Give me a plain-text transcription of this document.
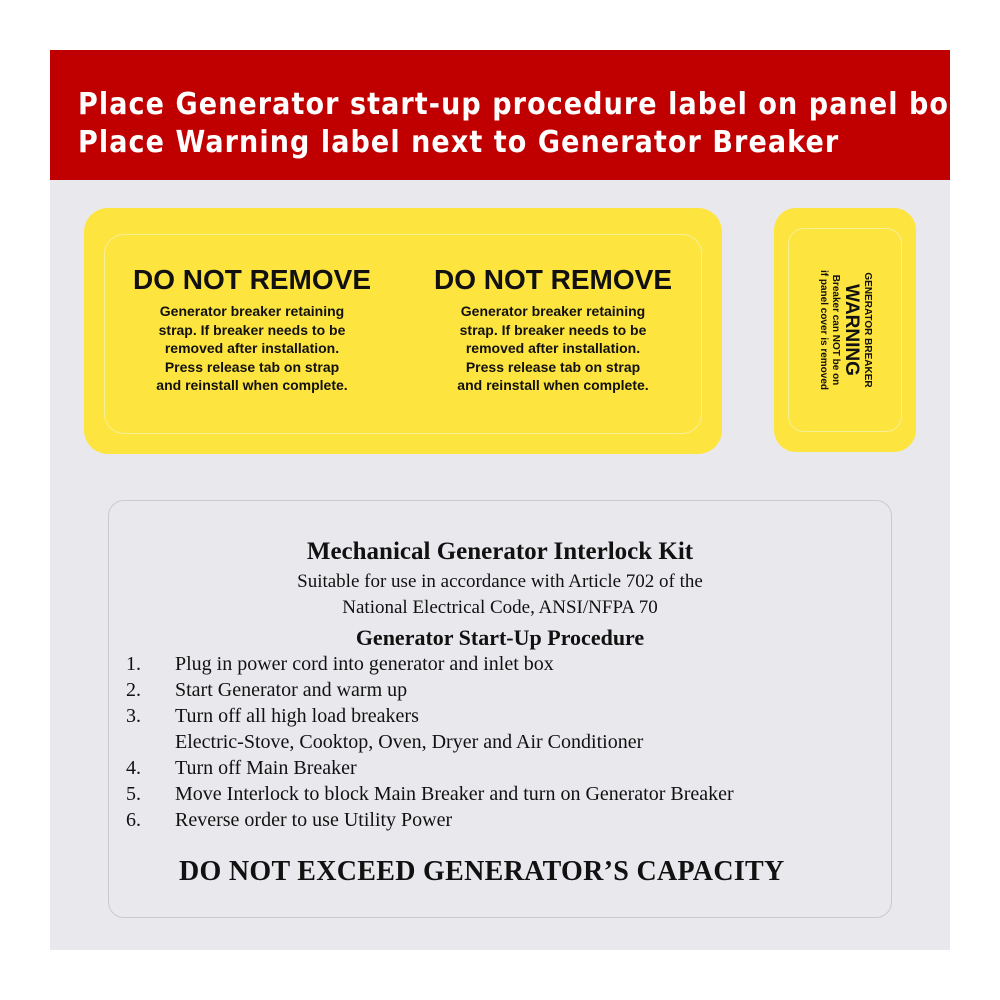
Place Generator start-up procedure label on panel box
Place Warning label next to Generator Breaker
DO NOT REMOVE
Generator breaker retaining
strap. If breaker needs to be
removed after installation.
Press release tab on strap
and reinstall when complete.
DO NOT REMOVE
Generator breaker retaining
strap. If breaker needs to be
removed after installation.
Press release tab on strap
and reinstall when complete.	GENERATOR BREAKER
WARNING
Breaker can NOT be on
if panel cover is removed
Mechanical Generator Interlock Kit
Suitable for use in accordance with Article 702 of the
National Electrical Code, ANSI/NFPA 70
Generator Start-Up Procedure
1. Plug in power cord into generator and inlet box
2. Start Generator and warm up
3. Turn off all high load breakers
Electric-Stove, Cooktop, Oven, Dryer and Air Conditioner
4. Turn off Main Breaker
5. Move Interlock to block Main Breaker and turn on Generator Breaker
6. Reverse order to use Utility Power
DO NOT EXCEED GENERATOR’S CAPACITY
